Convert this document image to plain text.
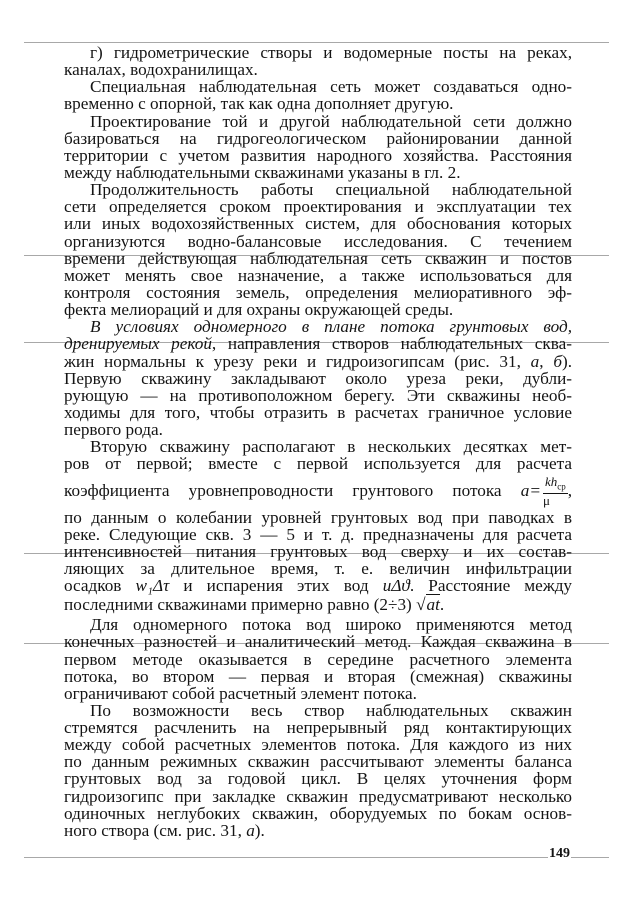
г) гидрометрические створы и водомерные посты на реках,
каналах, водохранилищах.
Специальная наблюдательная сеть может создаваться одно-
временно с опорной, так как одна дополняет другую.
Проектирование той и другой наблюдательной сети должно
базироваться на гидрогеологическом районировании данной
территории с учетом развития народного хозяйства. Расстояния
между наблюдательными скважинами указаны в гл. 2.
Продолжительность работы специальной наблюдательной
сети определяется сроком проектирования и эксплуатации тех
или иных водохозяйственных систем, для обоснования которых
организуются водно-балансовые исследования. С течением
времени действующая наблюдательная сеть скважин и постов
может менять свое назначение, а также использоваться для
контроля состояния земель, определения мелиоративного эф-
фекта мелиораций и для охраны окружающей среды.
В условиях одномерного в плане потока грунтовых вод,
дренируемых рекой, направления створов наблюдательных сква-
жин нормальны к урезу реки и гидроизогипсам (рис. 31, а, б).
Первую скважину закладывают около уреза реки, дубли-
рующую — на противоположном берегу. Эти скважины необ-
ходимы для того, чтобы отразить в расчетах граничное условие
первого рода.
Вторую скважину располагают в нескольких десятках мет-
ров от первой; вместе с первой используется для расчета
коэффициента уровнепроводности грунтового потока $a= \frac{kh_{ср}}{\mu}$ ,
по данным о колебании уровней грунтовых вод при паводках в
реке. Следующие скв. 3 — 5 и т. д. предназначены для расчета
интенсивностей питания грунтовых вод сверху и их состав-
ляющих за длительное время, т. е. величин инфильтрации
осадков w₁Δτ и испарения этих вод uΔϑ. Расстояние между
последними скважинами примерно равно (2÷3) √at.
Для одномерного потока вод широко применяются метод
конечных разностей и аналитический метод. Каждая скважина в
первом методе оказывается в середине расчетного элемента
потока, во втором — первая и вторая (смежная) скважины
ограничивают собой расчетный элемент потока.
По возможности весь створ наблюдательных скважин
стремятся расчленить на непрерывный ряд контактирующих
между собой расчетных элементов потока. Для каждого из них
по данным режимных скважин рассчитывают элементы баланса
грунтовых вод за годовой цикл. В целях уточнения форм
гидроизогипс при закладке скважин предусматривают несколько
одиночных неглубоких скважин, оборудуемых по бокам основ-
ного створа (см. рис. 31, а).
149
